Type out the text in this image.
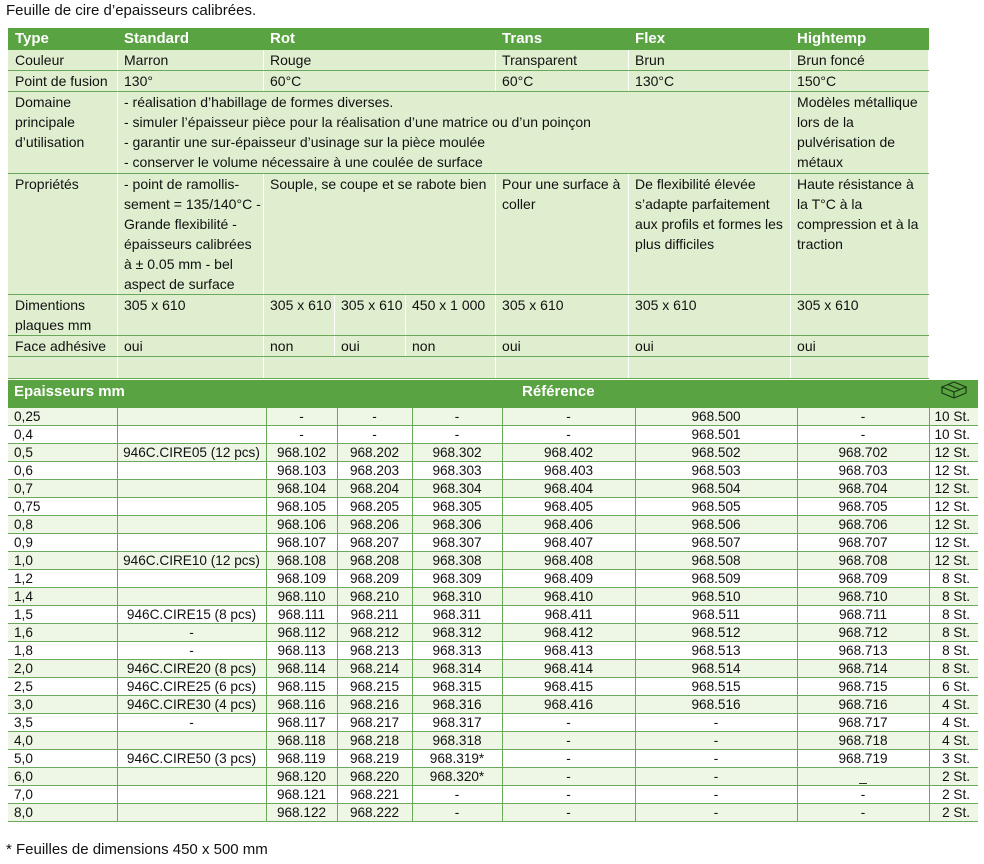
Feuille de cire d’epaisseurs calibrées.
Type	Standard	Rot			Trans	Flex	Hightemp
Couleur	Marron	Rouge			Transparent	Brun	Brun foncé
Point de fusion	130°	60°C			60°C	130°C	150°C
Domaine principale d’utilisation	- réalisation d’habillage de formes diverses.
- simuler l’épaisseur pièce pour la réalisation d’une matrice ou d’un poinçon
- garantir une sur-épaisseur d’usinage sur la pièce moulée
- conserver le volume nécessaire à une coulée de surface						Modèles métallique lors de la pulvérisation de métaux
Propriétés	- point de ramollis- sement = 135/140°C - Grande flexibilité - épaisseurs calibrées à ± 0.05 mm - bel aspect de surface	Souple, se coupe et se rabote bien			Pour une surface à coller	De flexibilité élevée s’adapte parfaitement aux profils et formes les plus difficiles	Haute résistance à la T°C à la compression et à la traction
Dimentions plaques mm	305 x 610	305 x 610	305 x 610	450 x 1 000	305 x 610	305 x 610	305 x 610
Face adhésive	oui	non	oui	non	oui	oui	oui

Epaisseurs mm					Référence		
0,25		-	-	-	-	968.500	-	10 St.
0,4		-	-	-	-	968.501	-	10 St.
0,5	946C.CIRE05 (12 pcs)	968.102	968.202	968.302	968.402	968.502	968.702	12 St.
0,6		968.103	968.203	968.303	968.403	968.503	968.703	12 St.
0,7		968.104	968.204	968.304	968.404	968.504	968.704	12 St.
0,75		968.105	968.205	968.305	968.405	968.505	968.705	12 St.
0,8		968.106	968.206	968.306	968.406	968.506	968.706	12 St.
0,9		968.107	968.207	968.307	968.407	968.507	968.707	12 St.
1,0	946C.CIRE10 (12 pcs)	968.108	968.208	968.308	968.408	968.508	968.708	12 St.
1,2		968.109	968.209	968.309	968.409	968.509	968.709	8 St.
1,4		968.110	968.210	968.310	968.410	968.510	968.710	8 St.
1,5	946C.CIRE15 (8 pcs)	968.111	968.211	968.311	968.411	968.511	968.711	8 St.
1,6	-	968.112	968.212	968.312	968.412	968.512	968.712	8 St.
1,8	-	968.113	968.213	968.313	968.413	968.513	968.713	8 St.
2,0	946C.CIRE20 (8 pcs)	968.114	968.214	968.314	968.414	968.514	968.714	8 St.
2,5	946C.CIRE25 (6 pcs)	968.115	968.215	968.315	968.415	968.515	968.715	6 St.
3,0	946C.CIRE30 (4 pcs)	968.116	968.216	968.316	968.416	968.516	968.716	4 St.
3,5	-	968.117	968.217	968.317	-	-	968.717	4 St.
4,0		968.118	968.218	968.318	-	-	968.718	4 St.
5,0	946C.CIRE50 (3 pcs)	968.119	968.219	968.319*	-	-	968.719	3 St.
6,0		968.120	968.220	968.320*	-	-	_	2 St.
7,0		968.121	968.221	-	-	-	-	2 St.
8,0		968.122	968.222	-	-	-	-	2 St.
* Feuilles de dimensions 450 x 500 mm
